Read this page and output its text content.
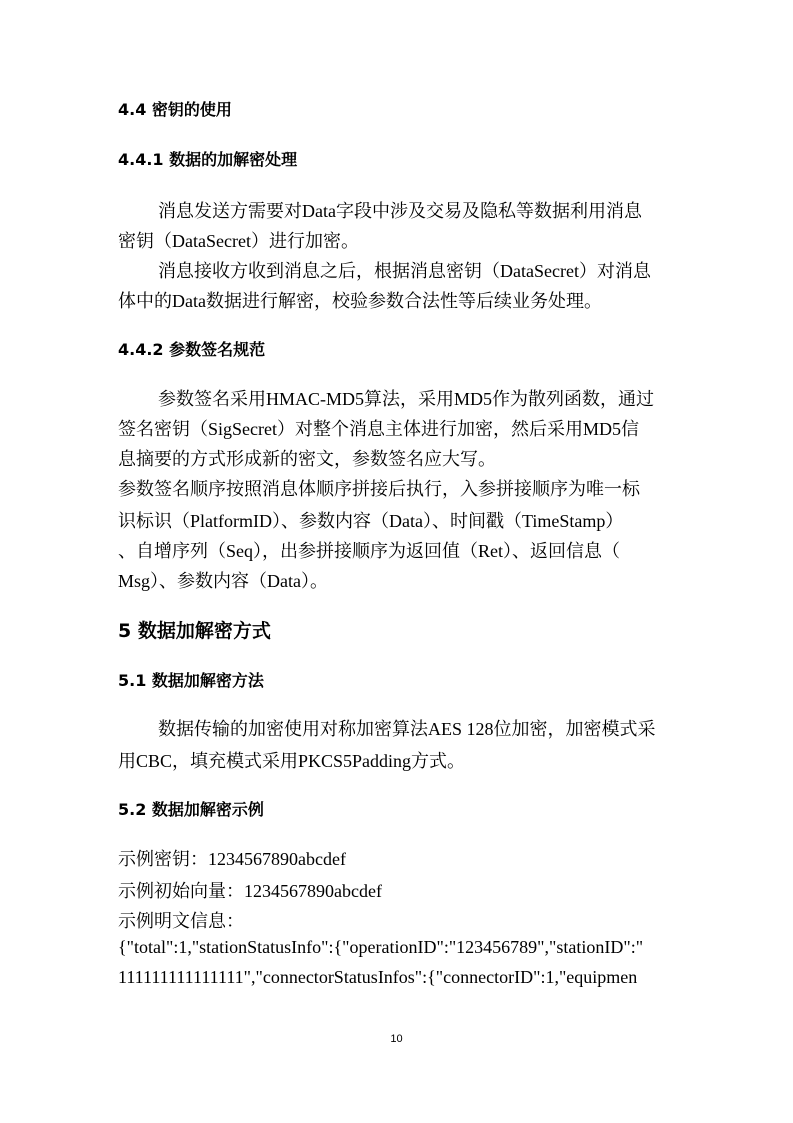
4.4 密钥的使用
4.4.1 数据的加解密处理
消息发送方需要对Data字段中涉及交易及隐私等数据利用消息
密钥（DataSecret）进行加密。
消息接收方收到消息之后，根据消息密钥（DataSecret）对消息
体中的Data数据进行解密，校验参数合法性等后续业务处理。
4.4.2 参数签名规范
参数签名采用HMAC-MD5算法，采用MD5作为散列函数，通过
签名密钥（SigSecret）对整个消息主体进行加密，然后采用MD5信
息摘要的方式形成新的密文，参数签名应大写。
参数签名顺序按照消息体顺序拼接后执行，入参拼接顺序为唯一标
识标识（PlatformID）、参数内容（Data）、时间戳（TimeStamp）
、自增序列（Seq），出参拼接顺序为返回值（Ret）、返回信息（
Msg）、参数内容（Data）。
5 数据加解密方式
5.1 数据加解密方法
数据传输的加密使用对称加密算法AES 128位加密，加密模式采
用CBC，填充模式采用PKCS5Padding方式。
5.2 数据加解密示例
示例密钥：1234567890abcdef
示例初始向量：1234567890abcdef
示例明文信息：
{"total":1,"stationStatusInfo":{"operationID":"123456789","stationID":"
111111111111111","connectorStatusInfos":{"connectorID":1,"equipmen
10
